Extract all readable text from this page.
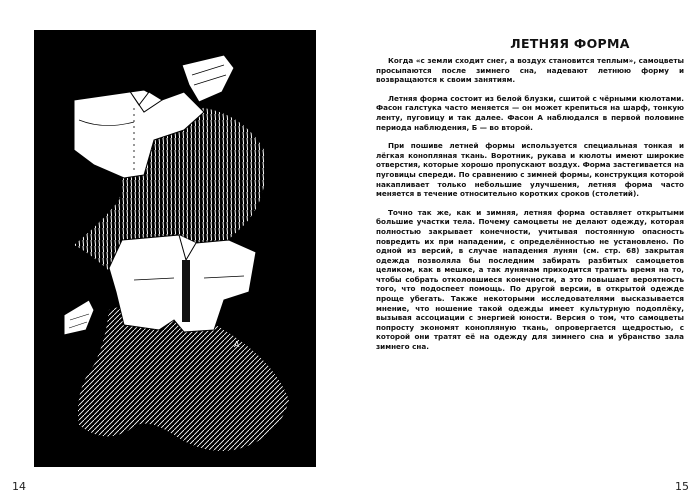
B
A
14
ЛЕТНЯЯ ФОРМА

Когда «с земли сходит снег, а воздух становится теплым», самоцветы просыпаются после зимнего сна, надевают летнюю форму и возвращаются к своим занятиям.

Летняя форма состоит из белой блузки, сшитой с чёрными кюлотами. Фасон галстука часто меняется — он может крепиться на шарф, тонкую ленту, пуговицу и так далее. Фасон А наблюдался в первой половине периода наблюдения, Б — во второй.

При пошиве летней формы используется специальная тонкая и лёгкая конопляная ткань. Воротник, рукава и кюлоты имеют широкие отверстия, которые хорошо пропускают воздух. Форма застегивается на пуговицы спереди. По сравнению с зимней формы, конструкция которой накапливает только небольшие улучшения, летняя форма часто меняется в течение относительно коротких сроков (столетий).

Точно так же, как и зимняя, летняя форма оставляет открытыми большие участки тела. Почему самоцветы не делают одежду, которая полностью закрывает конечности, учитывая постоянную опасность повредить их при нападении, с определённостью не установлено. По одной из версий, в случае нападения лунян (см. стр. 68) закрытая одежда позволяла бы последним забирать разбитых самоцветов целиком, как в мешке, а так лунянам приходится тратить время на то, чтобы собрать отколовшиеся конечности, а это повышает вероятность того, что подоспеет помощь. По другой версии, в открытой одежде проще убегать. Также некоторыми исследователями высказывается мнение, что ношение такой одежды имеет культурную подоплёку, вызывая ассоциации с энергией юности. Версия о том, что самоцветы попросту экономят конопляную ткань, опровергается щедростью, с которой они тратят её на одежду для зимнего сна и убранство зала зимнего сна.

15
